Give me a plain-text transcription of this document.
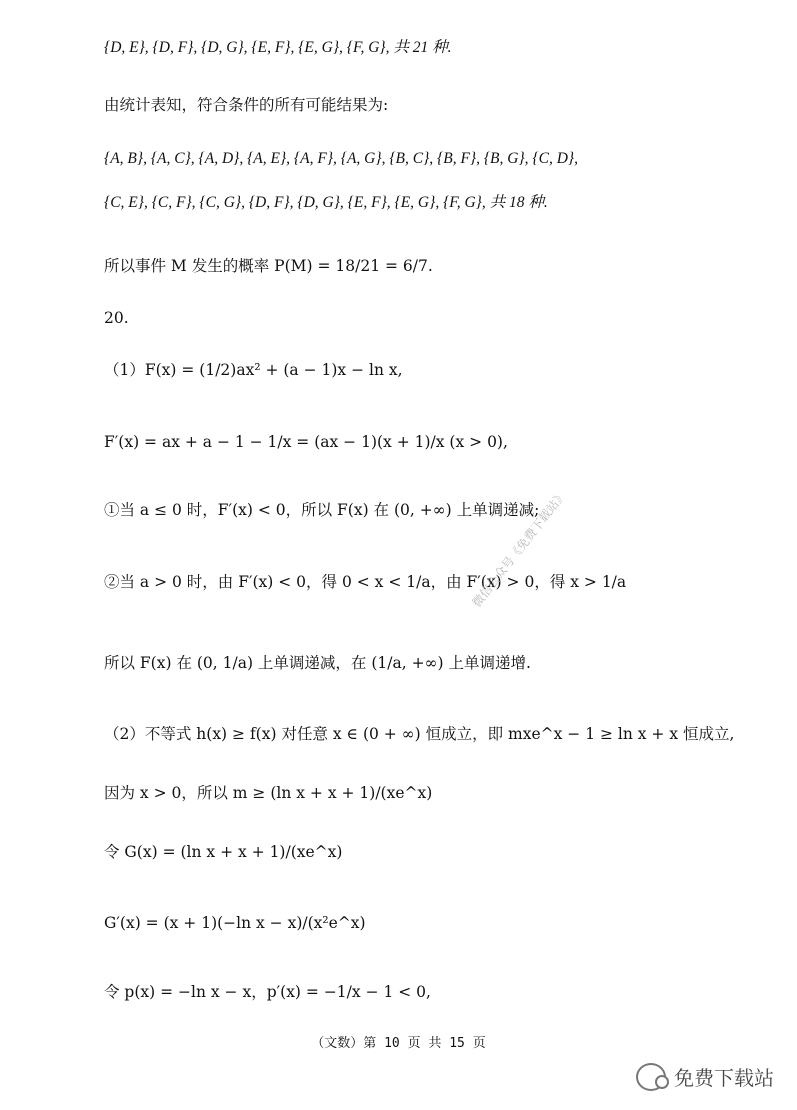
{D, E}, {D, F}, {D, G}, {E, F}, {E, G}, {F, G}, 共 21 种.
由统计表知，符合条件的所有可能结果为:
{A, B}, {A, C}, {A, D}, {A, E}, {A, F}, {A, G}, {B, C}, {B, F}, {B, G}, {C, D},
{C, E}, {C, F}, {C, G}, {D, F}, {D, G}, {E, F}, {E, G}, {F, G}, 共 18 种.
所以事件 M 发生的概率 P(M) = 18/21 = 6/7.
20.
（1）F(x) = (1/2)ax² + (a − 1)x − ln x,
F′(x) = ax + a − 1 − 1/x = (ax − 1)(x + 1)/x (x > 0),
①当 a ≤ 0 时，F′(x) < 0，所以 F(x) 在 (0, +∞) 上单调递减;
②当 a > 0 时，由 F′(x) < 0，得 0 < x < 1/a，由 F′(x) > 0，得 x > 1/a
所以 F(x) 在 (0, 1/a) 上单调递减，在 (1/a, +∞) 上单调递增.
（2）不等式 h(x) ≥ f(x) 对任意 x ∈ (0 + ∞) 恒成立，即 mxe^x − 1 ≥ ln x + x 恒成立,
因为 x > 0，所以 m ≥ (ln x + x + 1)/(xe^x)
令 G(x) = (ln x + x + 1)/(xe^x)
G′(x) = (x + 1)(−ln x − x)/(x²e^x)
令 p(x) = −ln x − x，p′(x) = −1/x − 1 < 0,
微信公众号《免费下载站》
（文数）第 10 页 共 15 页
免费下载站
